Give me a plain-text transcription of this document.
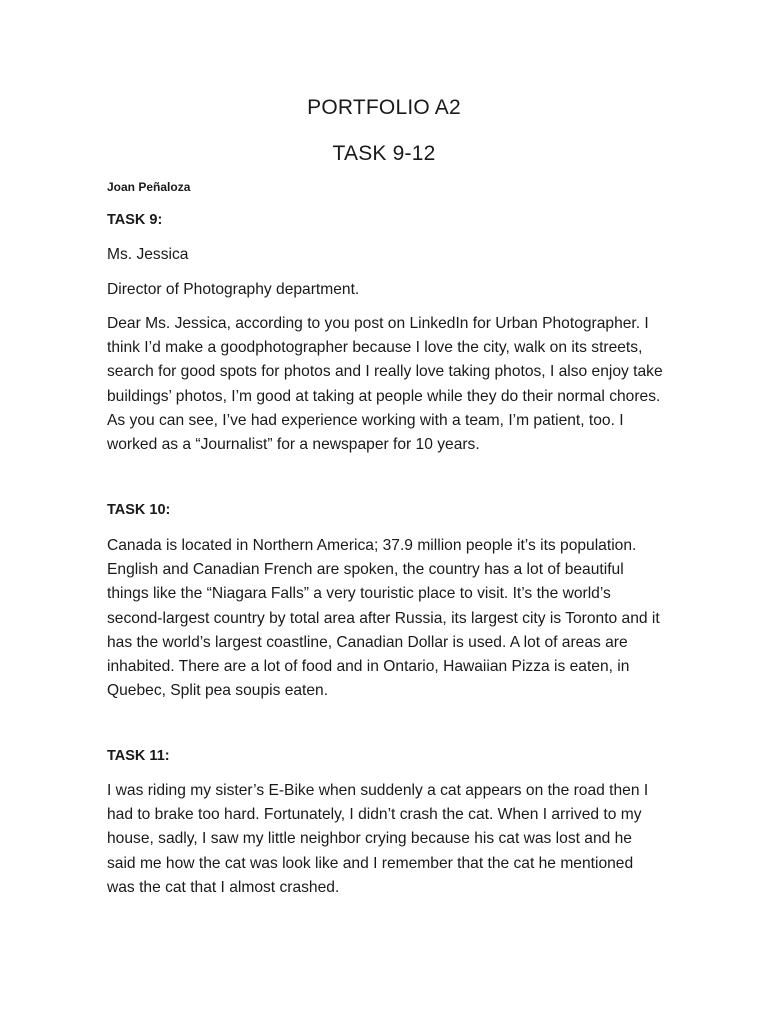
PORTFOLIO A2
TASK 9-12
Joan Peñaloza
TASK 9:
Ms. Jessica
Director of Photography department.
Dear Ms. Jessica, according to you post on LinkedIn for Urban Photographer. I think I’d make a goodphotographer because I love the city, walk on its streets, search for good spots for photos and I really love taking photos, I also enjoy take buildings’ photos, I’m good at taking at people while they do their normal chores. As you can see, I’ve had experience working with a team, I’m patient, too. I worked as a “Journalist” for a newspaper for 10 years.
TASK 10:
Canada is located in Northern America; 37.9 million people it’s its population. English and Canadian French are spoken, the country has a lot of beautiful things like the “Niagara Falls” a very touristic place to visit. It’s the world’s second-largest country by total area after Russia, its largest city is Toronto and it has the world’s largest coastline, Canadian Dollar is used. A lot of areas are inhabited. There are a lot of food and in Ontario, Hawaiian Pizza is eaten, in Quebec, Split pea soupis eaten.
TASK 11:
I was riding my sister’s E-Bike when suddenly a cat appears on the road then I had to brake too hard. Fortunately, I didn’t crash the cat. When I arrived to my house, sadly, I saw my little neighbor crying because his cat was lost and he said me how the cat was look like and I remember that the cat he mentioned was the cat that I almost crashed.
